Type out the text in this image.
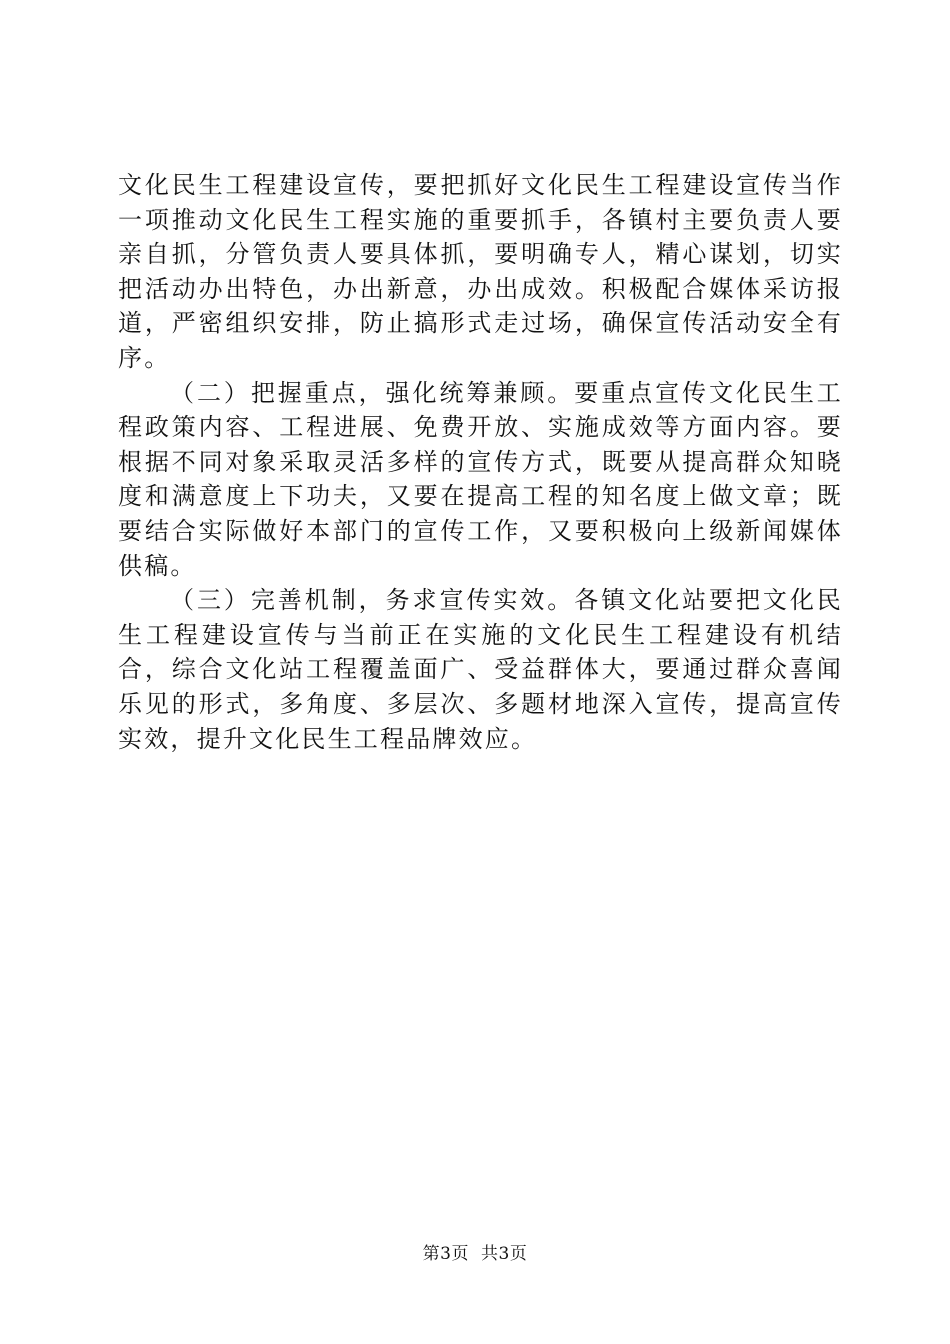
文化民生工程建设宣传，要把抓好文化民生工程建设宣传当作一项推动文化民生工程实施的重要抓手，各镇村主要负责人要亲自抓，分管负责人要具体抓，要明确专人，精心谋划，切实把活动办出特色，办出新意，办出成效。积极配合媒体采访报道，严密组织安排，防止搞形式走过场，确保宣传活动安全有序。

（二）把握重点，强化统筹兼顾。要重点宣传文化民生工程政策内容、工程进展、免费开放、实施成效等方面内容。要根据不同对象采取灵活多样的宣传方式，既要从提高群众知晓度和满意度上下功夫，又要在提高工程的知名度上做文章；既要结合实际做好本部门的宣传工作，又要积极向上级新闻媒体供稿。

（三）完善机制，务求宣传实效。各镇文化站要把文化民生工程建设宣传与当前正在实施的文化民生工程建设有机结合，综合文化站工程覆盖面广、受益群体大，要通过群众喜闻乐见的形式，多角度、多层次、多题材地深入宣传，提高宣传实效，提升文化民生工程品牌效应。

第3页 共3页
